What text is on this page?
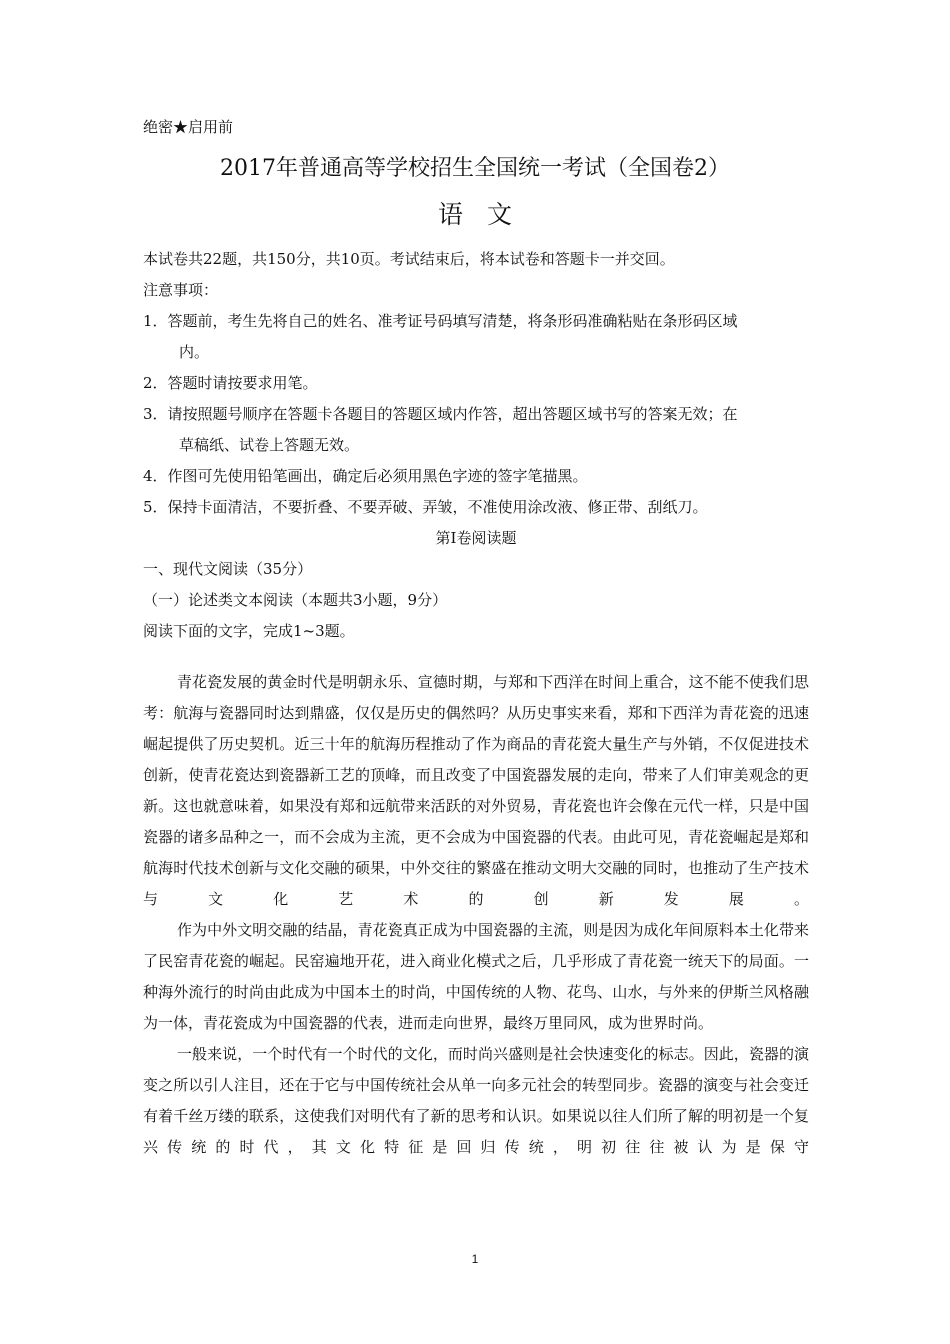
绝密★启用前
2017年普通高等学校招生全国统一考试（全国卷2）
语文
本试卷共22题，共150分，共10页。考试结束后，将本试卷和答题卡一并交回。
注意事项：
1．答题前，考生先将自己的姓名、准考证号码填写清楚，将条形码准确粘贴在条形码区域
内。
2．答题时请按要求用笔。
3．请按照题号顺序在答题卡各题目的答题区域内作答，超出答题区域书写的答案无效；在
草稿纸、试卷上答题无效。
4．作图可先使用铅笔画出，确定后必须用黑色字迹的签字笔描黑。
5．保持卡面清洁，不要折叠、不要弄破、弄皱，不准使用涂改液、修正带、刮纸刀。
第Ⅰ卷阅读题
一、现代文阅读（35分）
（一）论述类文本阅读（本题共3小题，9分）
阅读下面的文字，完成1~3题。
青花瓷发展的黄金时代是明朝永乐、宣德时期，与郑和下西洋在时间上重合，这不能不使我们思考：航海与瓷器同时达到鼎盛，仅仅是历史的偶然吗？从历史事实来看，郑和下西洋为青花瓷的迅速崛起提供了历史契机。近三十年的航海历程推动了作为商品的青花瓷大量生产与外销，不仅促进技术创新，使青花瓷达到瓷器新工艺的顶峰，而且改变了中国瓷器发展的走向，带来了人们审美观念的更新。这也就意味着，如果没有郑和远航带来活跃的对外贸易，青花瓷也许会像在元代一样，只是中国瓷器的诸多品种之一，而不会成为主流，更不会成为中国瓷器的代表。由此可见，青花瓷崛起是郑和航海时代技术创新与文化交融的硕果，中外交往的繁盛在推动文明大交融的同时，也推动了生产技术与文化艺术的创新发展。
作为中外文明交融的结晶，青花瓷真正成为中国瓷器的主流，则是因为成化年间原料本土化带来了民窑青花瓷的崛起。民窑遍地开花，进入商业化模式之后，几乎形成了青花瓷一统天下的局面。一种海外流行的时尚由此成为中国本土的时尚，中国传统的人物、花鸟、山水，与外来的伊斯兰风格融为一体，青花瓷成为中国瓷器的代表，进而走向世界，最终万里同风，成为世界时尚。
一般来说，一个时代有一个时代的文化，而时尚兴盛则是社会快速变化的标志。因此，瓷器的演变之所以引人注目，还在于它与中国传统社会从单一向多元社会的转型同步。瓷器的演变与社会变迁有着千丝万缕的联系，这使我们对明代有了新的思考和认识。如果说以往人们所了解的明初是一个复兴传统的时代，其文化特征是回归传统，明初往往被认为是保守
1
